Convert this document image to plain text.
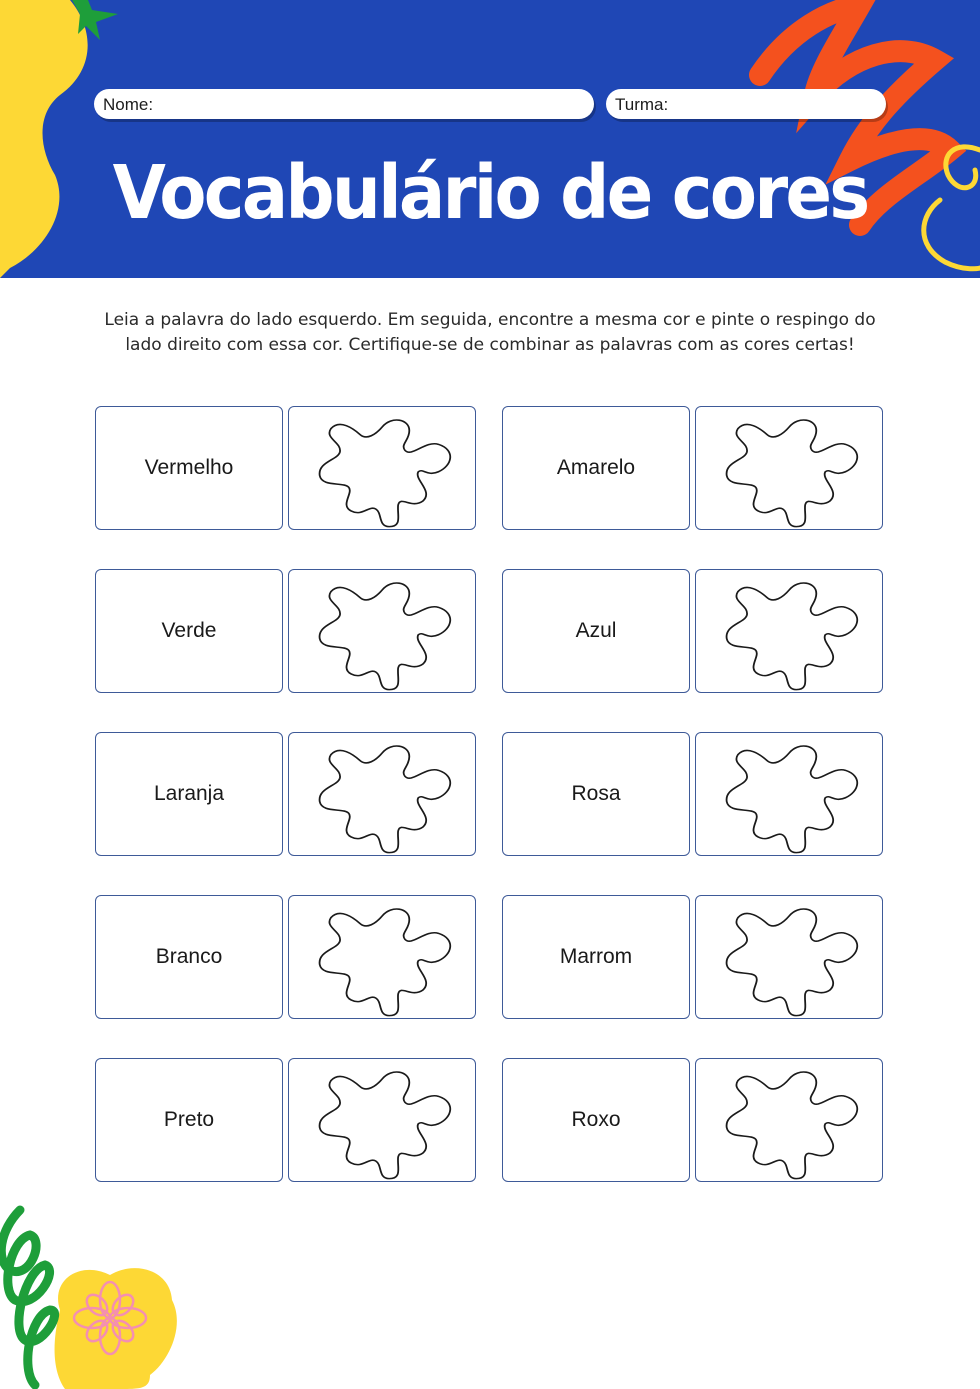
Nome:	Turma:
Vocabulário de cores
Leia a palavra do lado esquerdo. Em seguida, encontre a mesma cor e pinte o respingo do
lado direito com essa cor. Certifique-se de combinar as palavras com as cores certas!
Vermelho	Amarelo
Verde	Azul
Laranja	Rosa
Branco	Marrom
Preto	Roxo
